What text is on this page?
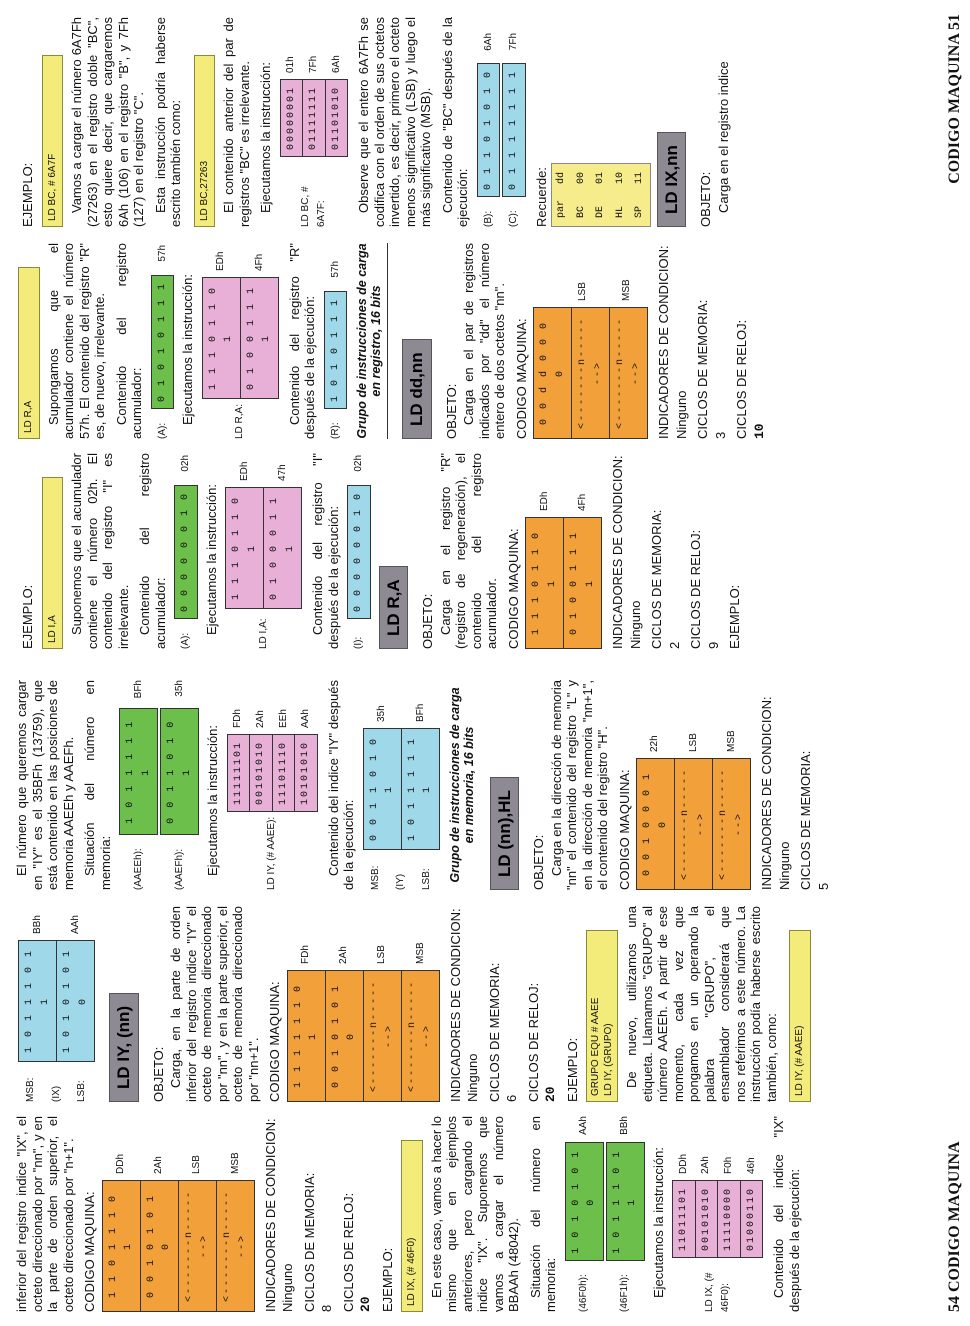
inferior del registro indice "IX", el octeto direccionado por "nn", y en la parte de orden superior, el octeto direccionado por "n+1". CODIGO MAQUINA:	1 1 0 1 1 1 0 1	0 0 1 0 1 0 1 0	<-------n------->	<-------n------->
DDh	2Ah	LSB	MSB INDICADORES DE CONDICION: Ninguno CICLOS DE MEMORIA: 8 CICLOS DE RELOJ: 20 EJEMPLO: LD IX, (# 46F0) En este caso, vamos a hacer lo mismo que en ejemplos anteriores, pero cargando el indice "IX". Suponemos que vamos a cargar el número BBAAh (48042). Situación del número en memoria: (46F0h):
1 0 1 0 1 0 1 0
AAh
(46F1h):
1 0 1 1 1 0 1 1
BBh

Ejecutamos la instrucción:	LD IX, (# 46F0):
11011101	00101010	11110000	01000110
DDh 2Ah F0h 46h Contenido del indice "IX" después de la ejecución:

MSB: (IX) LSB:
1 0 1 1 1 0 1 1	1 0 1 0 1 0 1 0
BBh	AAh
LD IY, (nn) OBJETO: Carga, en la parte de orden inferior del registro indice "IY" el octeto de memoria direccionado por "nn", y en la parte superior, el octeto de memoria direccionado por "nn+1". CODIGO MAQUINA:	1 1 1 1 1 1 0 1	0 0 1 0 1 0 1 0	<-------n------->	<-------n------->
FDh	2Ah	LSB	MSB INDICADORES DE CONDICION: Ninguno CICLOS DE MEMORIA: 6 CICLOS DE RELOJ: 20 EJEMPLO: GRUPO EQU # AAEE LD IY, (GRUPO) De nuevo, utilizamos una etiqueta. Llamamos "GRUPO" al número AAEEh. A partir de ese momento, cada vez que pongamos en un operando la palabra "GRUPO", el ensamblador considerará que nos referimos a este número. La instrucción podía haberse escrito también, como: LD IY, (# AAEE)

El número que queremos cargar en "IY" es el 35BFh (13759), que está contenido en las posiciones de memoria AAEEh y AAEFh. Situación del número en memoria: (AAEEh):
1 0 1 1 1 1 1 1
BFh
(AAEFh):
0 0 1 1 0 1 0 1
35h

Ejecutamos la instrucción:	LD IY, (# AAEE):
11111101	00101010	11101110	10101010
FDh 2Ah EEh AAh Contenido del indice "IY" después de la ejecución: MSB: (IY) LSB:
0 0 1 1 0 1 0 1	1 0 1 1 1 1 1 1
35h	BFh Grupo de instrucciones de carga en memoria, 16 bits LD (nn),HL OBJETO: Carga en la dirección de memoria "nn" el contenido del registro "L" y en la dirección de memoria "nn+1", el contenido del registro "H". CODIGO MAQUINA:	0 0 1 0 0 0 1 0	<-------n------->	<-------n------->
22h	LSB	MSB INDICADORES DE CONDICION: Ninguno CICLOS DE MEMORIA: 5

54 CODIGO MAQUINA
EJEMPLO: LD I,A Suponemos que el acumulador contiene el número 02h. El contenido del registro "I" es irrelevante. Contenido del registro acumulador: (A):
0 0 0 0 0 0 1 0
02h

Ejecutamos la instrucción:	LD I,A:
1 1 1 0 1 1 0 1	0 1 0 0 0 1 1 1
EDh	47h Contenido del registro "I" después de la ejecución: (I):
0 0 0 0 0 0 1 0
02h
LD R,A OBJETO: Carga en el registro "R" (registro de regeneración), el contenido del registro acumulador. CODIGO MAQUINA:	1 1 1 0 1 1 0 1	0 1 0 0 1 1 1 1
EDh	4Fh INDICADORES DE CONDICION: Ninguno CICLOS DE MEMORIA: 2 CICLOS DE RELOJ: 9 EJEMPLO:
LD R,A Supongamos que el acumulador contiene el número 57h. El contenido del registro "R" es, de nuevo, irrelevante. Contenido del registro acumulador: (A):
0 1 0 1 0 1 1 1
57h

Ejecutamos la instrucción:	LD R,A:
1 1 1 0 1 1 0 1	0 1 0 0 1 1 1 1
EDh	4Fh Contenido del registro "R" después de la ejecución: (R):
1 0 1 0 1 1 1
57h Grupo de instrucciones de carga en registro, 16 bits LD dd,nn OBJETO: Carga en el par de registros indicados por "dd" el número entero de dos octetos "nn". CODIGO MAQUINA:	0 0 d d 0 0 0 0	<-------n------->	<-------n------->
LSB	MSB INDICADORES DE CONDICION: Ninguno CICLOS DE MEMORIA: 3 CICLOS DE RELOJ: 10

EJEMPLO: LD BC, # 6A7F Vamos a cargar el número 6A7Fh (27263) en el registro doble "BC", esto quiere decir, que cargaremos 6Ah (106) en el registro "B", y 7Fh (127) en el registro "C". Esta instrucción podría haberse escrito también como: LD BC,27263 El contenido anterior del par de registros "BC" es irrelevante. Ejecutamos la instrucción:	LD BC, # 6A7F:
00000001	01111111	01101010
01h 7Fh 6Ah Observe que el entero 6A7Fh se codifica con el orden de sus octetos invertido, es decir, primero el octeto menos significativo (LSB) y luego el más significativo (MSB). Contenido de "BC" después de la ejecución: (B):
0 1 1 0 1 0 1 0
6Ah
(C):
0 1 1 1 1 1 1 1
7Fh
Recuerde: par	dd
BC	00
DE	01
HL	10
SP	11 LD IX,nn OBJETO: Carga en el registro indice	CODIGO MAQUINA 51
